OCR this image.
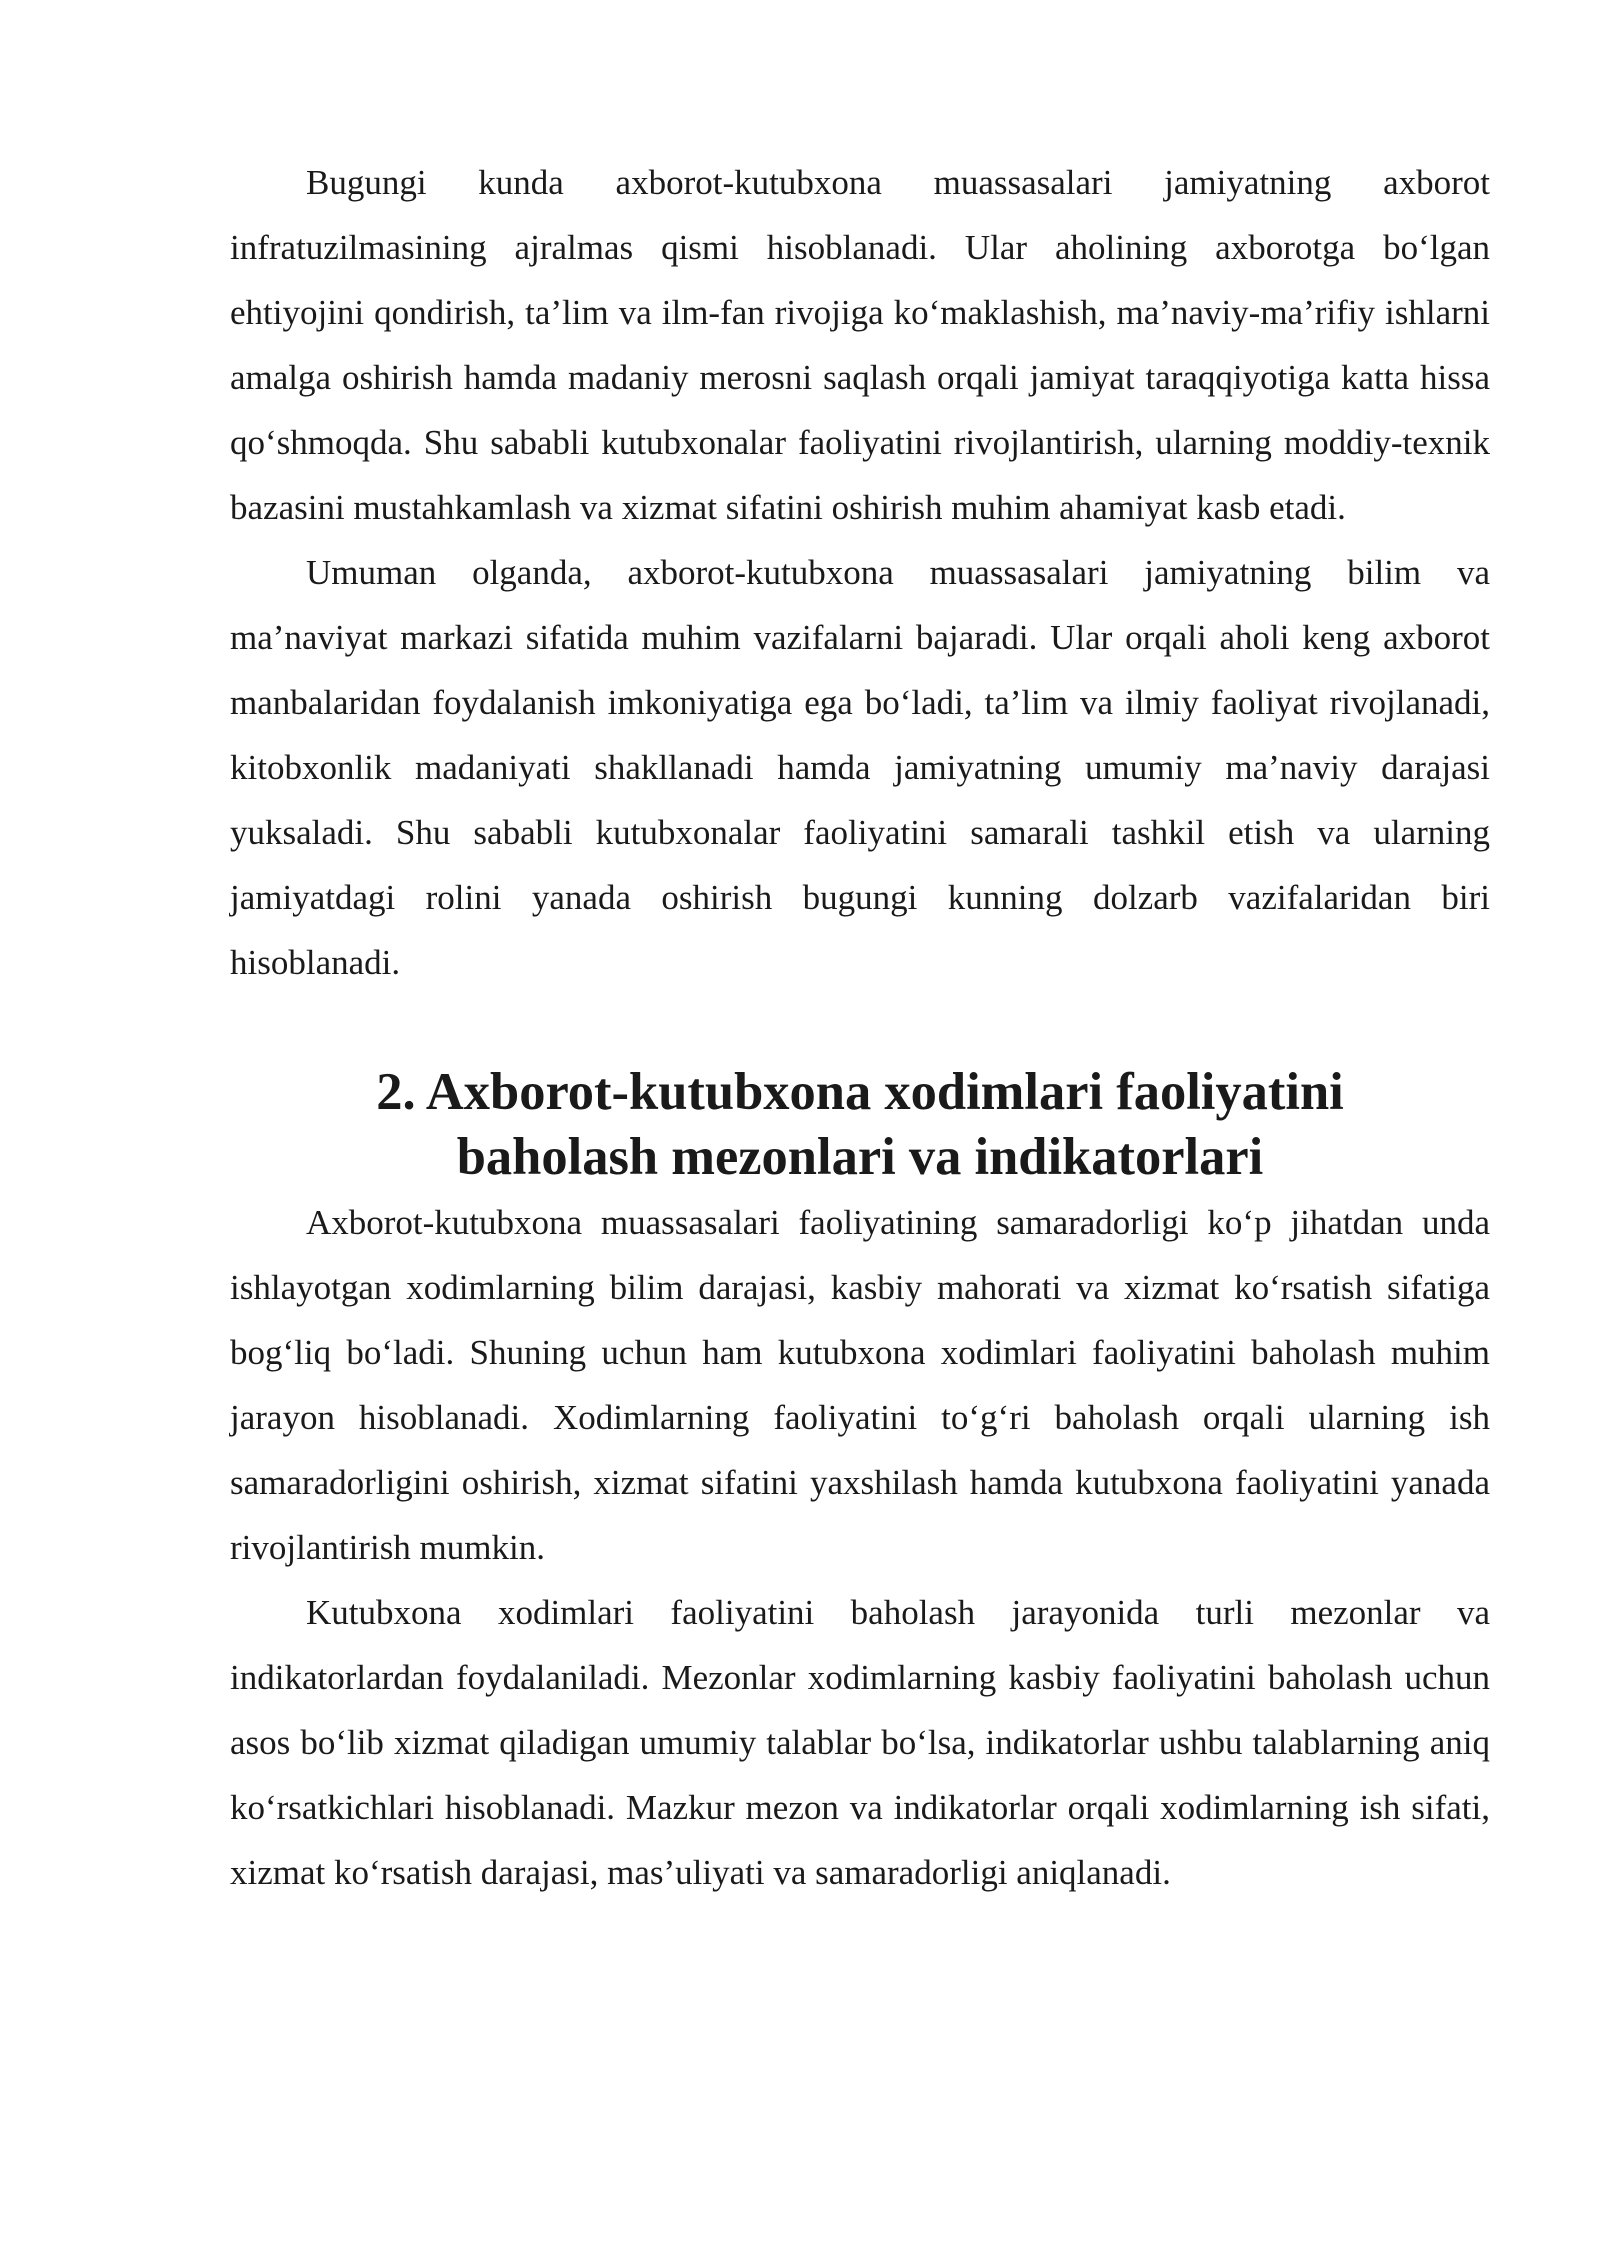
Bugungi kunda axborot-kutubxona muassasalari jamiyatning axborot infratuzilmasining ajralmas qismi hisoblanadi. Ular aholining axborotga bo‘lgan ehtiyojini qondirish, ta’lim va ilm-fan rivojiga ko‘maklashish, ma’naviy-ma’rifiy ishlarni amalga oshirish hamda madaniy merosni saqlash orqali jamiyat taraqqiyotiga katta hissa qo‘shmoqda. Shu sababli kutubxonalar faoliyatini rivojlantirish, ularning moddiy-texnik bazasini mustahkamlash va xizmat sifatini oshirish muhim ahamiyat kasb etadi.

Umuman olganda, axborot-kutubxona muassasalari jamiyatning bilim va ma’naviyat markazi sifatida muhim vazifalarni bajaradi. Ular orqali aholi keng axborot manbalaridan foydalanish imkoniyatiga ega bo‘ladi, ta’lim va ilmiy faoliyat rivojlanadi, kitobxonlik madaniyati shakllanadi hamda jamiyatning umumiy ma’naviy darajasi yuksaladi. Shu sababli kutubxonalar faoliyatini samarali tashkil etish va ularning jamiyatdagi rolini yanada oshirish bugungi kunning dolzarb vazifalaridan biri hisoblanadi.

2. Axborot-kutubxona xodimlari faoliyatini baholash mezonlari va indikatorlari

Axborot-kutubxona muassasalari faoliyatining samaradorligi ko‘p jihatdan unda ishlayotgan xodimlarning bilim darajasi, kasbiy mahorati va xizmat ko‘rsatish sifatiga bog‘liq bo‘ladi. Shuning uchun ham kutubxona xodimlari faoliyatini baholash muhim jarayon hisoblanadi. Xodimlarning faoliyatini to‘g‘ri baholash orqali ularning ish samaradorligini oshirish, xizmat sifatini yaxshilash hamda kutubxona faoliyatini yanada rivojlantirish mumkin.

Kutubxona xodimlari faoliyatini baholash jarayonida turli mezonlar va indikatorlardan foydalaniladi. Mezonlar xodimlarning kasbiy faoliyatini baholash uchun asos bo‘lib xizmat qiladigan umumiy talablar bo‘lsa, indikatorlar ushbu talablarning aniq ko‘rsatkichlari hisoblanadi. Mazkur mezon va indikatorlar orqali xodimlarning ish sifati, xizmat ko‘rsatish darajasi, mas’uliyati va samaradorligi aniqlanadi.
